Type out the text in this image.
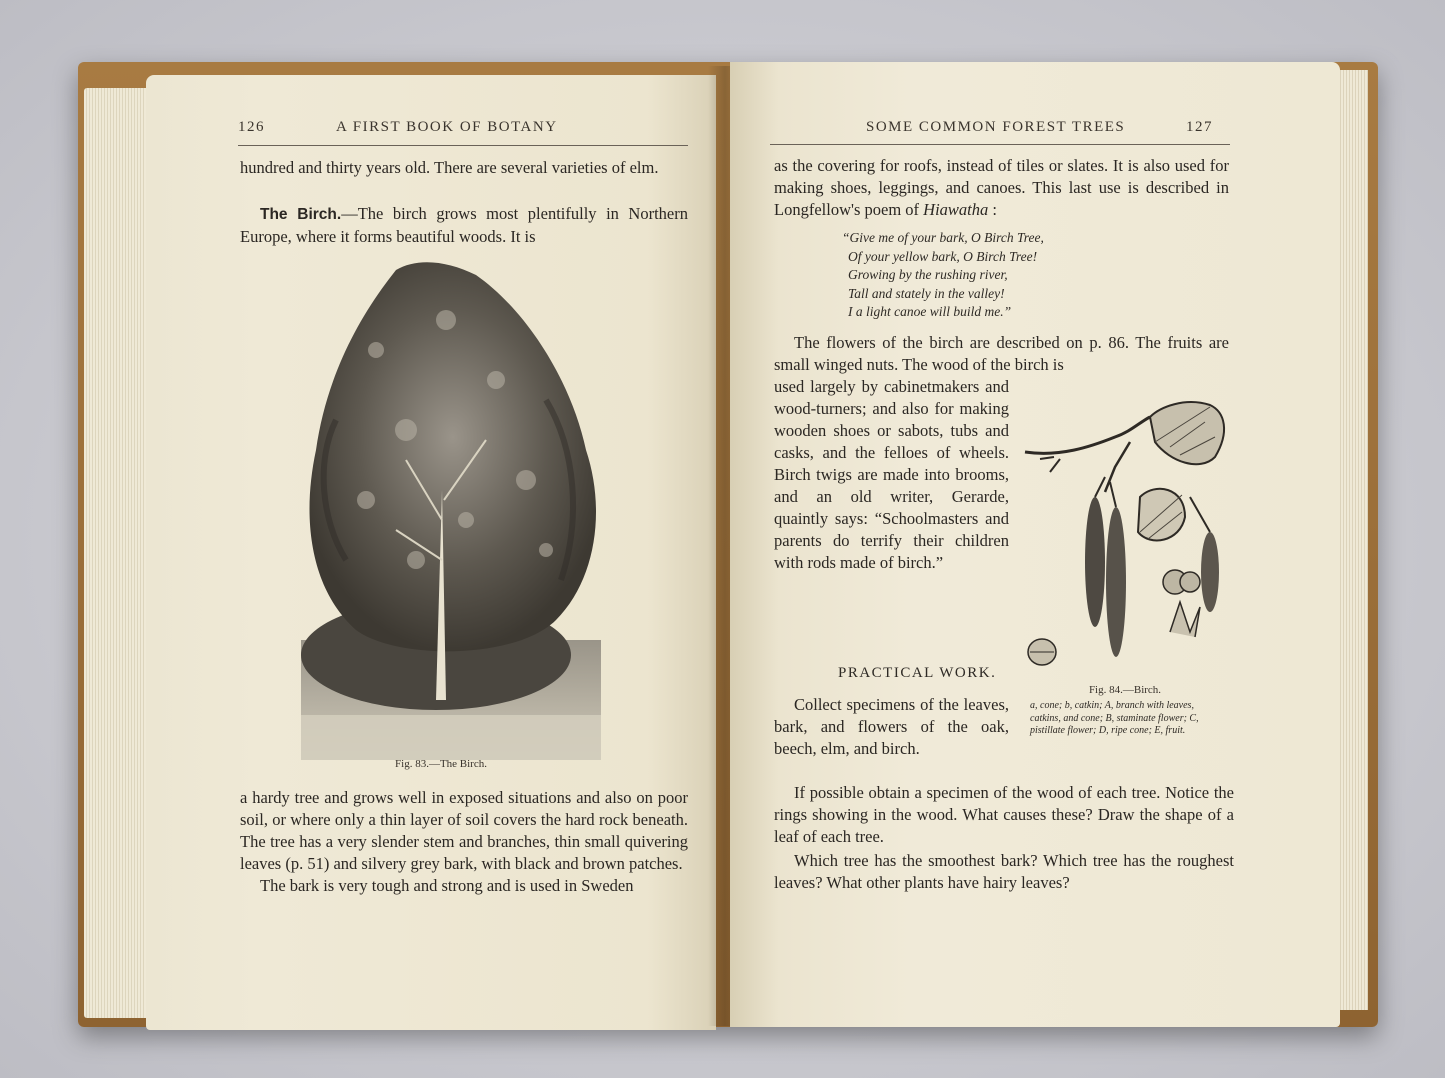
126	A FIRST BOOK OF BOTANY

hundred and thirty years old. There are several varieties of elm.

The Birch.—The birch grows most plentifully in Northern Europe, where it forms beautiful woods. It is

Fig. 83.—The Birch.

a hardy tree and grows well in exposed situations and also on poor soil, or where only a thin layer of soil covers the hard rock beneath. The tree has a very slender stem and branches, thin small quivering leaves (p. 51) and silvery grey bark, with black and brown patches.

The bark is very tough and strong and is used in Sweden

SOME COMMON FOREST TREES	127

as the covering for roofs, instead of tiles or slates. It is also used for making shoes, leggings, and canoes. This last use is described in Longfellow's poem of Hiawatha :

“Give me of your bark, O Birch Tree,
Of your yellow bark, O Birch Tree!
Growing by the rushing river,
Tall and stately in the valley!
I a light canoe will build me.”

The flowers of the birch are described on p. 86. The fruits are small winged nuts. The wood of the birch is

used largely by cabinetmakers and wood-turners; and also for making wooden shoes or sabots, tubs and casks, and the felloes of wheels. Birch twigs are made into brooms, and an old writer, Gerarde, quaintly says: “Schoolmasters and parents do terrify their children with rods made of birch.”

Fig. 84.—Birch.
a, cone; b, catkin; A, branch with leaves, catkins, and cone; B, staminate flower; C, pistillate flower; D, ripe cone; E, fruit.
PRACTICAL WORK.

Collect specimens of the leaves, bark, and flowers of the oak, beech, elm, and birch.

If possible obtain a specimen of the wood of each tree. Notice the rings showing in the wood. What causes these? Draw the shape of a leaf of each tree.

Which tree has the smoothest bark? Which tree has the roughest leaves? What other plants have hairy leaves?
